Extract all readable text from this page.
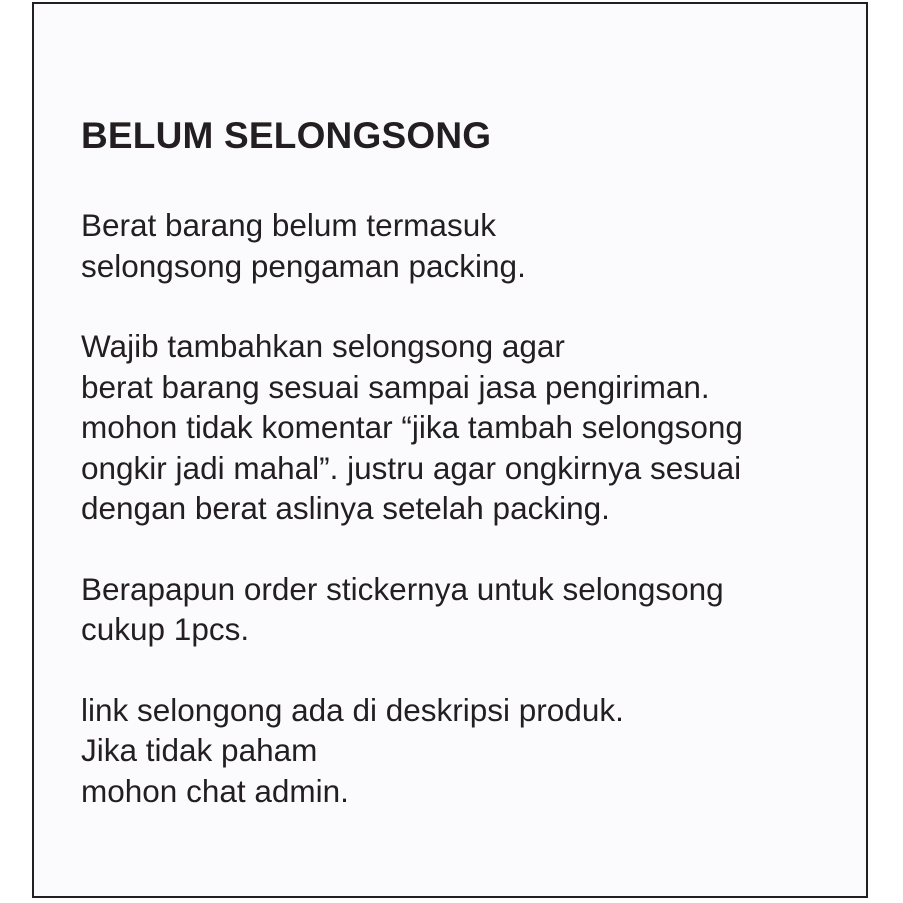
BELUM SELONGSONG
Berat barang belum termasuk
selongsong pengaman packing.
Wajib tambahkan selongsong agar
berat barang sesuai sampai jasa pengiriman.
mohon tidak komentar “jika tambah selongsong
ongkir jadi mahal”. justru agar ongkirnya sesuai
dengan berat aslinya setelah packing.
Berapapun order stickernya untuk selongsong
cukup 1pcs.
link selongong ada di deskripsi produk.
Jika tidak paham
mohon chat admin.
